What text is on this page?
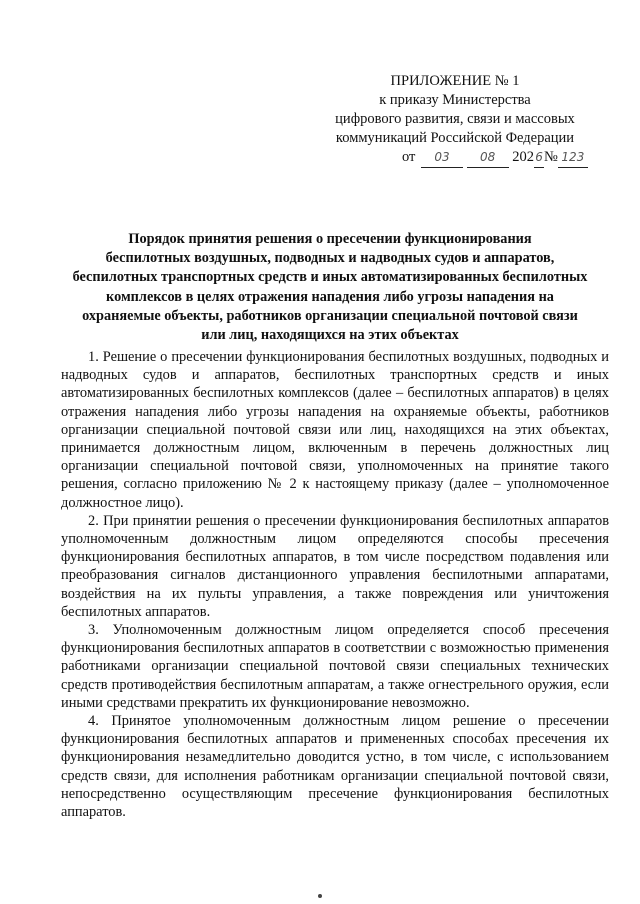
ПРИЛОЖЕНИЕ № 1
к приказу Министерства
цифрового развития, связи и массовых
коммуникаций Российской Федерации
от 03	08 2026№ 123
Порядок принятия решения о пресечении функционирования
беспилотных воздушных, подводных и надводных судов и аппаратов,
беспилотных транспортных средств и иных автоматизированных беспилотных
комплексов в целях отражения нападения либо угрозы нападения на
охраняемые объекты, работников организации специальной почтовой связи
или лиц, находящихся на этих объектах

1. Решение о пресечении функционирования беспилотных воздушных, подводных и надводных судов и аппаратов, беспилотных транспортных средств и иных автоматизированных беспилотных комплексов (далее – беспилотных аппаратов) в целях отражения нападения либо угрозы нападения на охраняемые объекты, работников организации специальной почтовой связи или лиц, находящихся на этих объектах, принимается должностным лицом, включенным в перечень должностных лиц организации специальной почтовой связи, уполномоченных на принятие такого решения, согласно приложению № 2 к настоящему приказу (далее – уполномоченное должностное лицо).

2. При принятии решения о пресечении функционирования беспилотных аппаратов уполномоченным должностным лицом определяются способы пресечения функционирования беспилотных аппаратов, в том числе посредством подавления или преобразования сигналов дистанционного управления беспилотными аппаратами, воздействия на их пульты управления, а также повреждения или уничтожения беспилотных аппаратов.

3. Уполномоченным должностным лицом определяется способ пресечения функционирования беспилотных аппаратов в соответствии с возможностью применения работниками организации специальной почтовой связи специальных технических средств противодействия беспилотным аппаратам, а также огнестрельного оружия, если иными средствами прекратить их функционирование невозможно.

4. Принятое уполномоченным должностным лицом решение о пресечении функционирования беспилотных аппаратов и примененных способах пресечения их функционирования незамедлительно доводится устно, в том числе, с использованием средств связи, для исполнения работникам организации специальной почтовой связи, непосредственно осуществляющим пресечение функционирования беспилотных аппаратов.
